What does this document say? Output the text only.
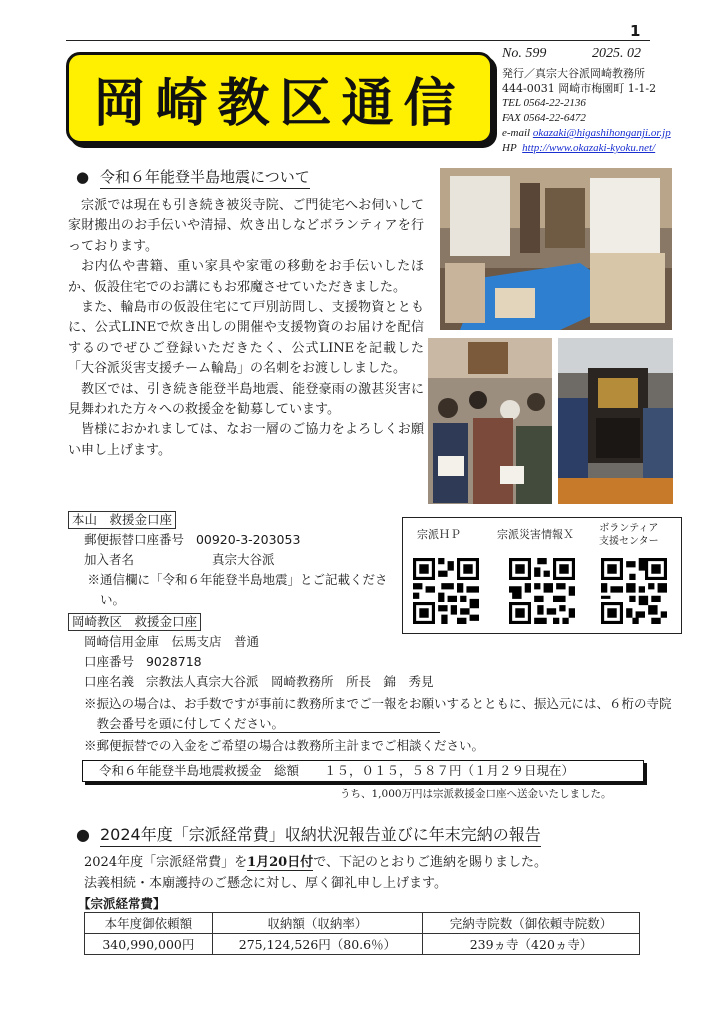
1
岡崎教区通信
No. 599	2025. 02
発行／真宗大谷派岡崎教務所
444-0031 岡崎市梅園町 1-1-2
TEL 0564-22-2136
FAX 0564-22-6472
e-mail okazaki@higashihonganji.or.jp
HP http://www.okazaki-kyoku.net/
● 令和６年能登半島地震について

宗派では現在も引き続き被災寺院、ご門徒宅へお伺いして家財搬出のお手伝いや清掃、炊き出しなどボランティアを行っております。

お内仏や書籍、重い家具や家電の移動をお手伝いしたほか、仮設住宅でのお講にもお邪魔させていただきました。

また、輪島市の仮設住宅にて戸別訪問し、支援物資とともに、公式LINEで炊き出しの開催や支援物資のお届けを配信するのでぜひご登録いただきたく、公式LINEを記載した「大谷派災害支援チーム輪島」の名刺をお渡ししました。

教区では、引き続き能登半島地震、能登豪雨の激甚災害に見舞われた方々への救援金を勧募しています。

皆様におかれましては、なお一層のご協力をよろしくお願い申し上げます。

本山　救援金口座
郵便振替口座番号 00920-3-203053
加入者名	真宗大谷派
※通信欄に「令和６年能登半島地震」とご記載ください。
岡崎教区　救援金口座
岡崎信用金庫　伝馬支店　普通
口座番号 9028718
口座名義 宗教法人真宗大谷派　岡崎教務所　所長　錦　秀見
宗派ＨＰ	宗派災害情報Ｘ	ボランティア
支援センター
※振込の場合は、お手数ですが事前に教務所までご一報をお願いするとともに、振込元には、６桁の寺院教会番号を頭に付してください。
※郵便振替での入金をご希望の場合は教務所主計までご相談ください。
令和６年能登半島地震救援金　総額　　１５，０１５，５８７円（１月２９日現在）
うち、1,000万円は宗派救援金口座へ送金いたしました。
● 2024年度「宗派経常費」収納状況報告並びに年末完納の報告
2024年度「宗派経常費」を1月20日付で、下記のとおりご進納を賜りました。
法義相続・本廟護持のご懸念に対し、厚く御礼申し上げます。
【宗派経常費】
本年度御依頼額	収納額（収納率）	完納寺院数（御依頼寺院数）
340,990,000円	275,124,526円（80.6％）	239ヵ寺（420ヵ寺）
